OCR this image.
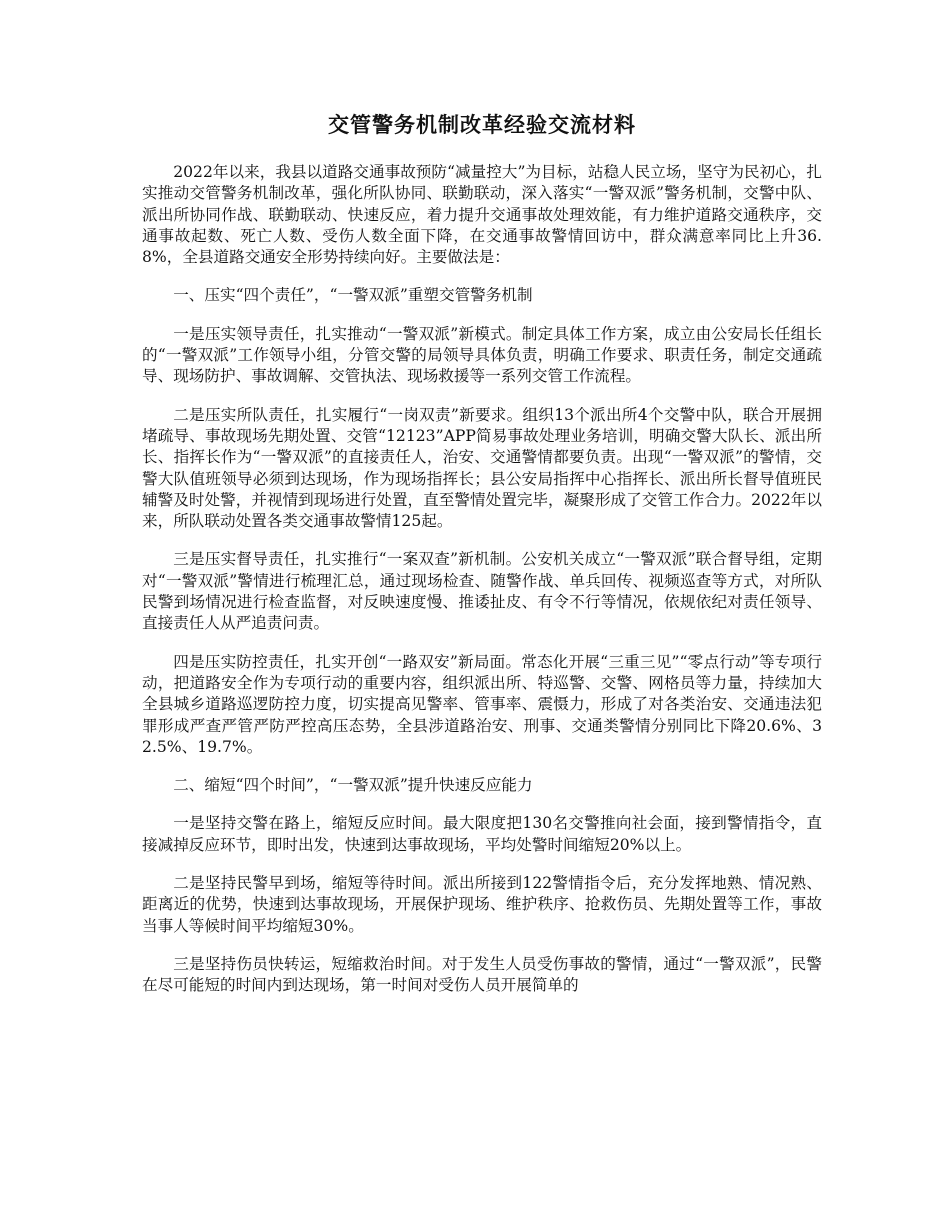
交管警务机制改革经验交流材料

2022年以来，我县以道路交通事故预防“减量控大”为目标，站稳人民立场，坚守为民初心，扎实推动交管警务机制改革，强化所队协同、联勤联动，深入落实“一警双派”警务机制，交警中队、派出所协同作战、联勤联动、快速反应，着力提升交通事故处理效能，有力维护道路交通秩序，交通事故起数、死亡人数、受伤人数全面下降，在交通事故警情回访中，群众满意率同比上升36.8%，全县道路交通安全形势持续向好。主要做法是：

一、压实“四个责任”，“一警双派”重塑交管警务机制

一是压实领导责任，扎实推动“一警双派”新模式。制定具体工作方案，成立由公安局长任组长的“一警双派”工作领导小组，分管交警的局领导具体负责，明确工作要求、职责任务，制定交通疏导、现场防护、事故调解、交管执法、现场救援等一系列交管工作流程。

二是压实所队责任，扎实履行“一岗双责”新要求。组织13个派出所4个交警中队，联合开展拥堵疏导、事故现场先期处置、交管“12123”APP简易事故处理业务培训，明确交警大队长、派出所长、指挥长作为“一警双派”的直接责任人，治安、交通警情都要负责。出现“一警双派”的警情，交警大队值班领导必须到达现场，作为现场指挥长；县公安局指挥中心指挥长、派出所长督导值班民辅警及时处警，并视情到现场进行处置，直至警情处置完毕，凝聚形成了交管工作合力。2022年以来，所队联动处置各类交通事故警情125起。

三是压实督导责任，扎实推行“一案双查”新机制。公安机关成立“一警双派”联合督导组，定期对“一警双派”警情进行梳理汇总，通过现场检查、随警作战、单兵回传、视频巡查等方式，对所队民警到场情况进行检查监督，对反映速度慢、推诿扯皮、有令不行等情况，依规依纪对责任领导、直接责任人从严追责问责。

四是压实防控责任，扎实开创“一路双安”新局面。常态化开展“三重三见”“零点行动”等专项行动，把道路安全作为专项行动的重要内容，组织派出所、特巡警、交警、网格员等力量，持续加大全县城乡道路巡逻防控力度，切实提高见警率、管事率、震慑力，形成了对各类治安、交通违法犯罪形成严查严管严防严控高压态势，全县涉道路治安、刑事、交通类警情分别同比下降20.6%、32.5%、19.7%。

二、缩短“四个时间”，“一警双派”提升快速反应能力

一是坚持交警在路上，缩短反应时间。最大限度把130名交警推向社会面，接到警情指令，直接减掉反应环节，即时出发，快速到达事故现场，平均处警时间缩短20%以上。

二是坚持民警早到场，缩短等待时间。派出所接到122警情指令后，充分发挥地熟、情况熟、距离近的优势，快速到达事故现场，开展保护现场、维护秩序、抢救伤员、先期处置等工作，事故当事人等候时间平均缩短30%。

三是坚持伤员快转运，短缩救治时间。对于发生人员受伤事故的警情，通过“一警双派”，民警在尽可能短的时间内到达现场，第一时间对受伤人员开展简单的
